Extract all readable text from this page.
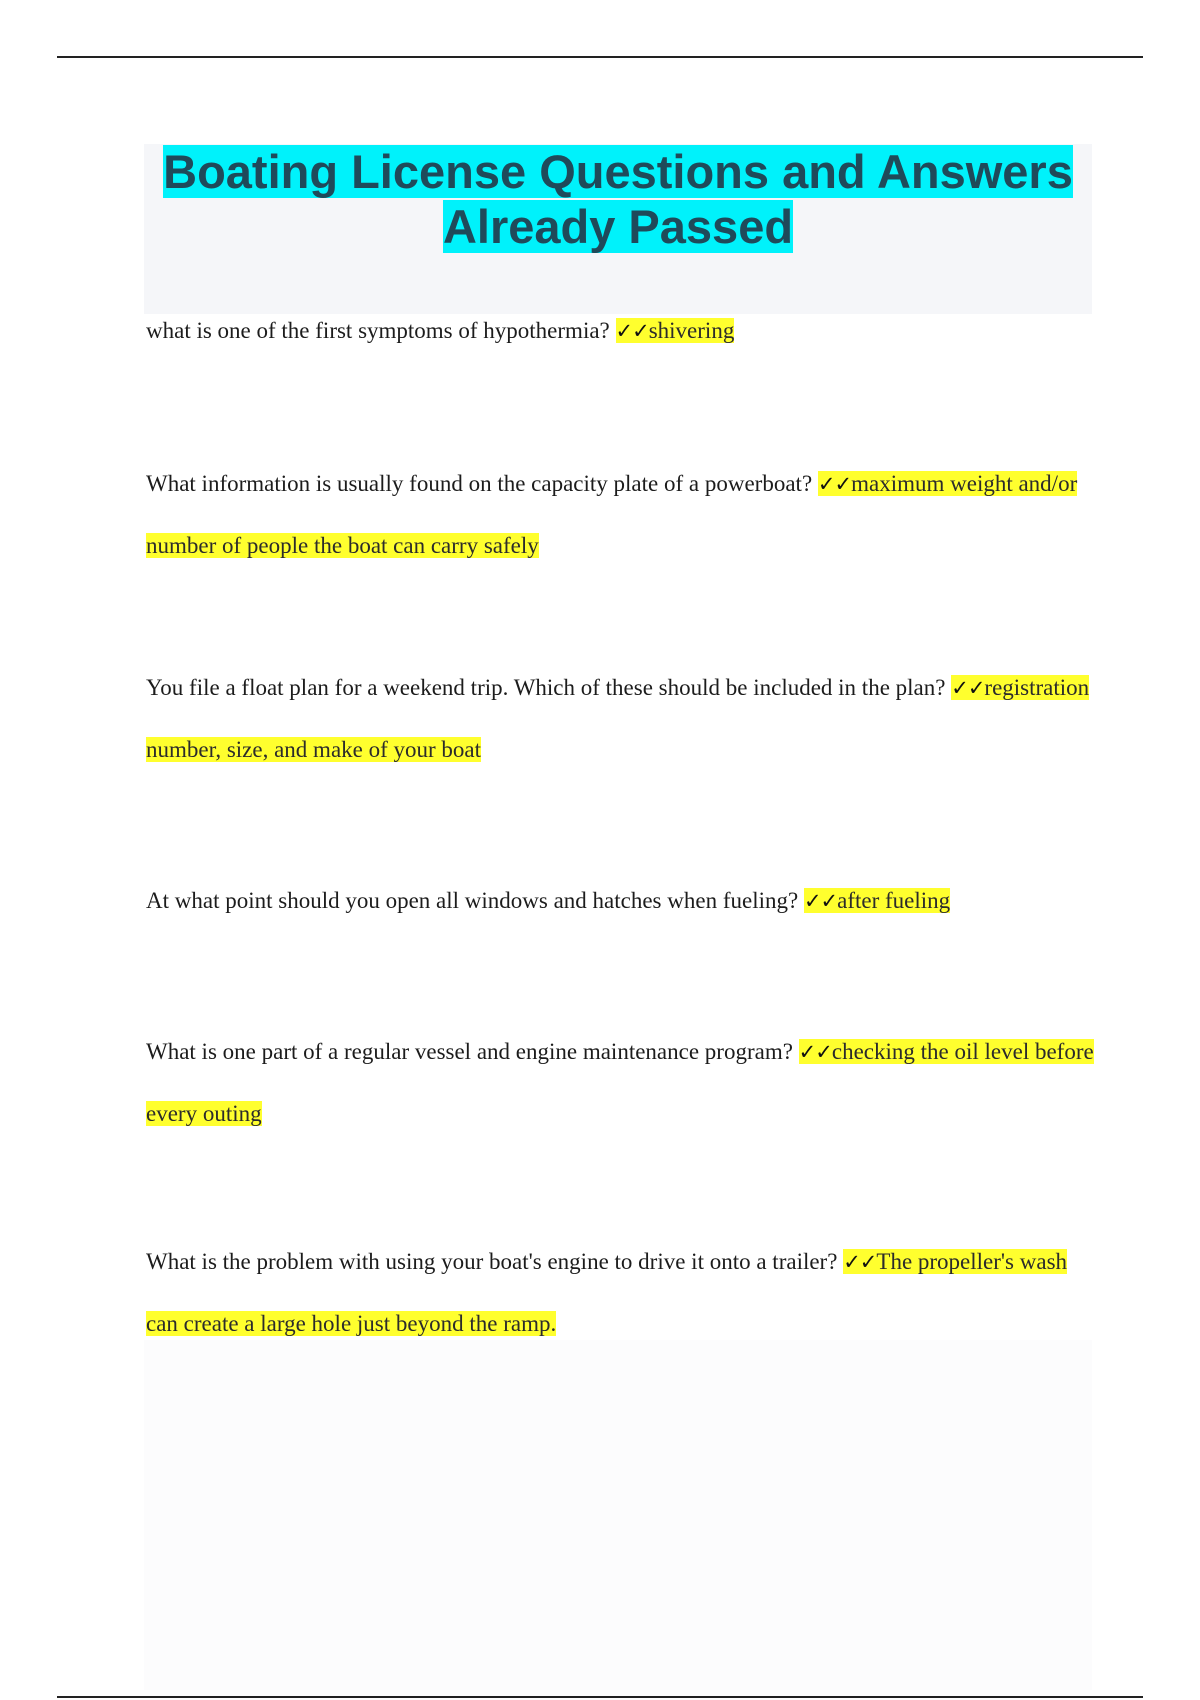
Boating License Questions and Answers
Already Passed
what is one of the first symptoms of hypothermia? ✓✓shivering
What information is usually found on the capacity plate of a powerboat? ✓✓maximum weight and/or number of people the boat can carry safely
You file a float plan for a weekend trip. Which of these should be included in the plan? ✓✓registration number, size, and make of your boat
At what point should you open all windows and hatches when fueling? ✓✓after fueling
What is one part of a regular vessel and engine maintenance program? ✓✓checking the oil level before every outing
What is the problem with using your boat's engine to drive it onto a trailer? ✓✓The propeller's wash can create a large hole just beyond the ramp.
